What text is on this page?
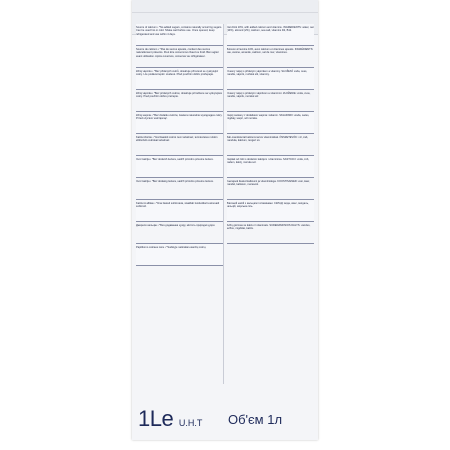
Source of calcium • *No added sugars, contains naturally occurring sugars. Can be used hot or cold. Shake well before use. Once opened, keep refrigerated and use within 4 days.
Source de calcium • *Pas de sucres ajoutés, contient des sucres naturellement présents. Peut être consommé chaud ou froid. Bien agiter avant utilisation. Après ouverture, conserver au réfrigérateur.
Zdroj vápníku • *Bez přidaných cukrů, obsahuje přirozeně se vyskytující cukry. Lze podávat teplé i studené. Před použitím dobře protřepejte.
Zdroj vápnika • *Bez pridaných cukrov, obsahuje prirodzene sa vyskytujúce cukry. Pred použitím dobre pretrepte.
Zdroj wapnia • *Bez dodatku cukrów, zawiera naturalnie występujące cukry. Przed użyciem wstrząsnąć.
Kalciumforrás • *Hozzáadott cukrot nem tartalmaz, természetes módon előforduló cukrokat tartalmaz.
Izvor kalcija • *Bez dodanih šećera, sadrži prirodno prisutne šećere.
Izvor kalcija • *Bez dodatog šećera, sadrži prirodno prisutne šećere.
Kalciumi allikas • *Ilma lisatud suhkruteta, sisaldab looduslikult esinevaid suhkruid.
Джерело кальцію • *Без додавання цукру, містить природні цукри.
Papildomo cukraus nėra • *Sudėtyje natūraliai esančių cukrų.
Oat drink 10%, with added calcium and vitamins. INGREDIENTS: water, oat (10%), almond (2%), calcium, sea salt, vitamins D2, B12.
Boisson à l'avoine 10%, avec calcium et vitamines ajoutés. INGRÉDIENTS: eau, avoine, amande, calcium, sel de mer, vitamines.
Ovesný nápoj s přidaným vápníkem a vitaminy. SLOŽENÍ: voda, oves, mandle, vápník, mořská sůl, vitaminy.
Ovsený nápoj s pridaným vápnikom a vitamínmi. ZLOŽENIE: voda, ovos, mandle, vápnik, morská soľ.
Napój owsiany z dodatkiem wapnia i witamin. SKŁADNIKI: woda, owies, migdały, wapń, sól morska.
Zab-mandula ital kalciummal és vitaminokkal. ÖSSZETEVŐK: víz, zab, mandula, kalcium, tengeri só.
Napitak od zobi s dodanim kalcijem i vitaminima. SASTOJCI: voda, zob, badem, kalcij, morska sol.
Kaerajook lisatud kaltsiumi ja vitamiinidega. KOOSTISAINED: vesi, kaer, mandel, kaltsium, meresool.
Вівсяний напій з кальцієм і вітамінами. СКЛАД: вода, овес, мигдаль, кальцій, морська сіль.
Avižų gėrimas su kalciu ir vitaminais. SUDEDAMOSIOS DALYS: vanduo, avižos, migdolai, kalcis.
1Le U.H.T	Об'єм 1л
